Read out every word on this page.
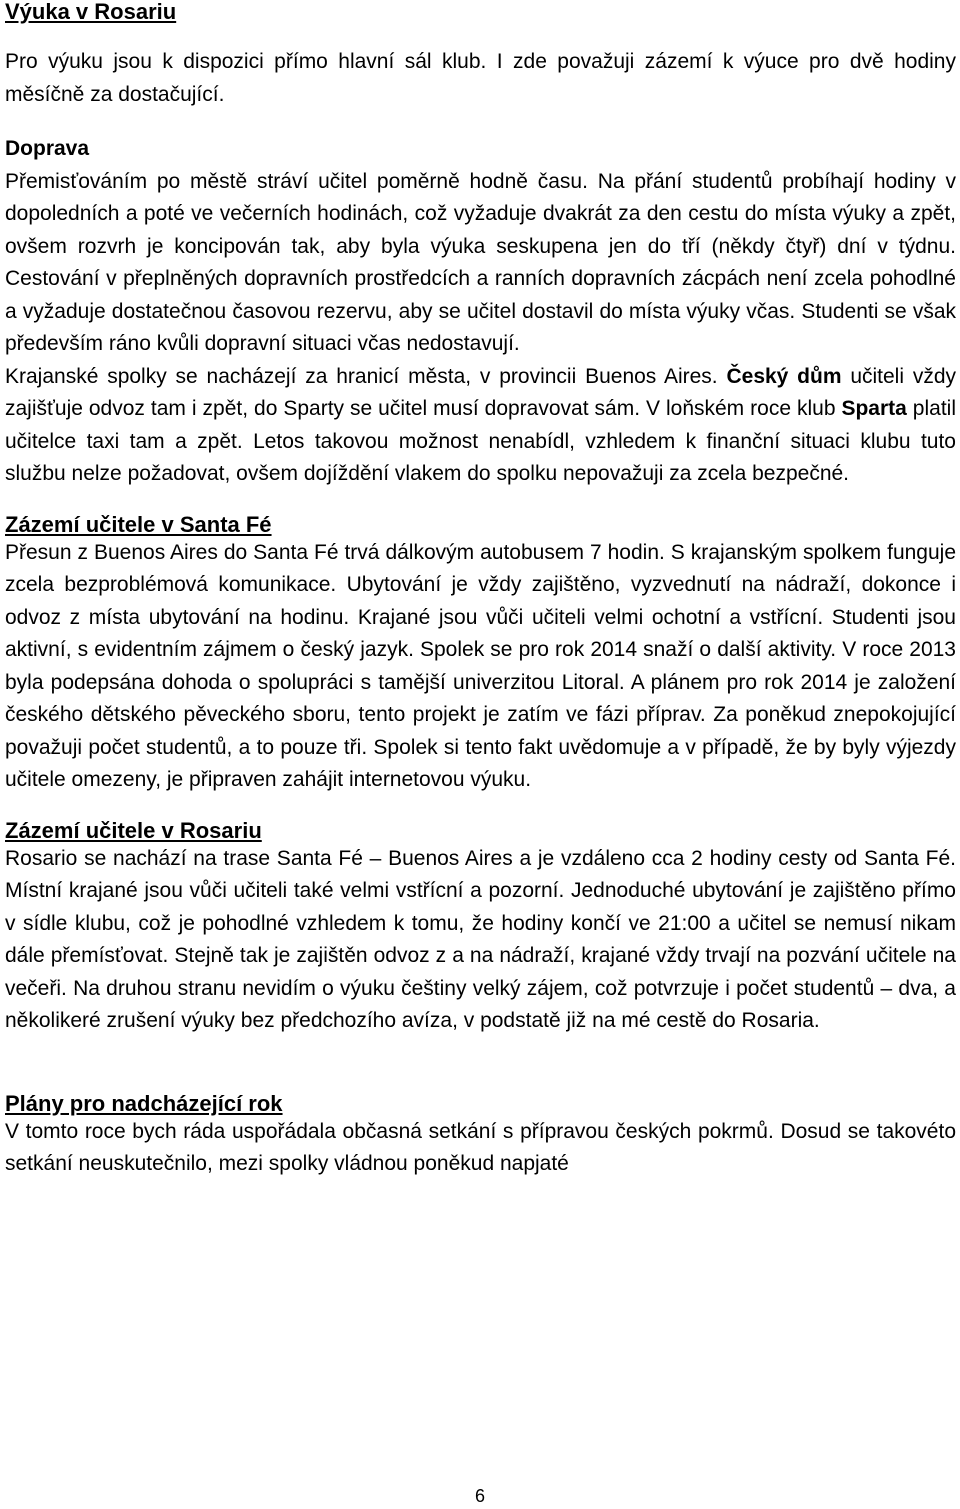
Výuka v Rosariu

Pro výuku jsou k dispozici přímo hlavní sál klub. I zde považuji zázemí k výuce pro dvě hodiny měsíčně za dostačující.

Doprava

Přemisťováním po městě stráví učitel poměrně hodně času. Na přání studentů probíhají hodiny v dopoledních a poté ve večerních hodinách, což vyžaduje dvakrát za den cestu do místa výuky a zpět, ovšem rozvrh je koncipován tak, aby byla výuka seskupena jen do tří (někdy čtyř) dní v týdnu. Cestování v přeplněných dopravních prostředcích a ranních dopravních zácpách není zcela pohodlné a vyžaduje dostatečnou časovou rezervu, aby se učitel dostavil do místa výuky včas. Studenti se však především ráno kvůli dopravní situaci včas nedostavují.

Krajanské spolky se nacházejí za hranicí města, v provincii Buenos Aires. Český dům učiteli vždy zajišťuje odvoz tam i zpět, do Sparty se učitel musí dopravovat sám. V loňském roce klub Sparta platil učitelce taxi tam a zpět. Letos takovou možnost nenabídl, vzhledem k finanční situaci klubu tuto službu nelze požadovat, ovšem dojíždění vlakem do spolku nepovažuji za zcela bezpečné.

Zázemí učitele v Santa Fé

Přesun z Buenos Aires do Santa Fé trvá dálkovým autobusem 7 hodin. S krajanským spolkem funguje zcela bezproblémová komunikace. Ubytování je vždy zajištěno, vyzvednutí na nádraží, dokonce i odvoz z místa ubytování na hodinu. Krajané jsou vůči učiteli velmi ochotní a vstřícní. Studenti jsou aktivní, s evidentním zájmem o český jazyk. Spolek se pro rok 2014 snaží o další aktivity. V roce 2013 byla podepsána dohoda o spolupráci s tamější univerzitou Litoral. A plánem pro rok 2014 je založení českého dětského pěveckého sboru, tento projekt je zatím ve fázi příprav. Za poněkud znepokojující považuji počet studentů, a to pouze tři. Spolek si tento fakt uvědomuje a v případě, že by byly výjezdy učitele omezeny, je připraven zahájit internetovou výuku.

Zázemí učitele v Rosariu

Rosario se nachází na trase Santa Fé – Buenos Aires a je vzdáleno cca 2 hodiny cesty od Santa Fé. Místní krajané jsou vůči učiteli také velmi vstřícní a pozorní. Jednoduché ubytování je zajištěno přímo v sídle klubu, což je pohodlné vzhledem k tomu, že hodiny končí ve 21:00 a učitel se nemusí nikam dále přemísťovat. Stejně tak je zajištěn odvoz z a na nádraží, krajané vždy trvají na pozvání učitele na večeři. Na druhou stranu nevidím o výuku češtiny velký zájem, což potvrzuje i počet studentů – dva, a několikeré zrušení výuky bez předchozího avíza, v podstatě již na mé cestě do Rosaria.

Plány pro nadcházející rok

V tomto roce bych ráda uspořádala občasná setkání s přípravou českých pokrmů. Dosud se takovéto setkání neuskutečnilo, mezi spolky vládnou poněkud napjaté

6
